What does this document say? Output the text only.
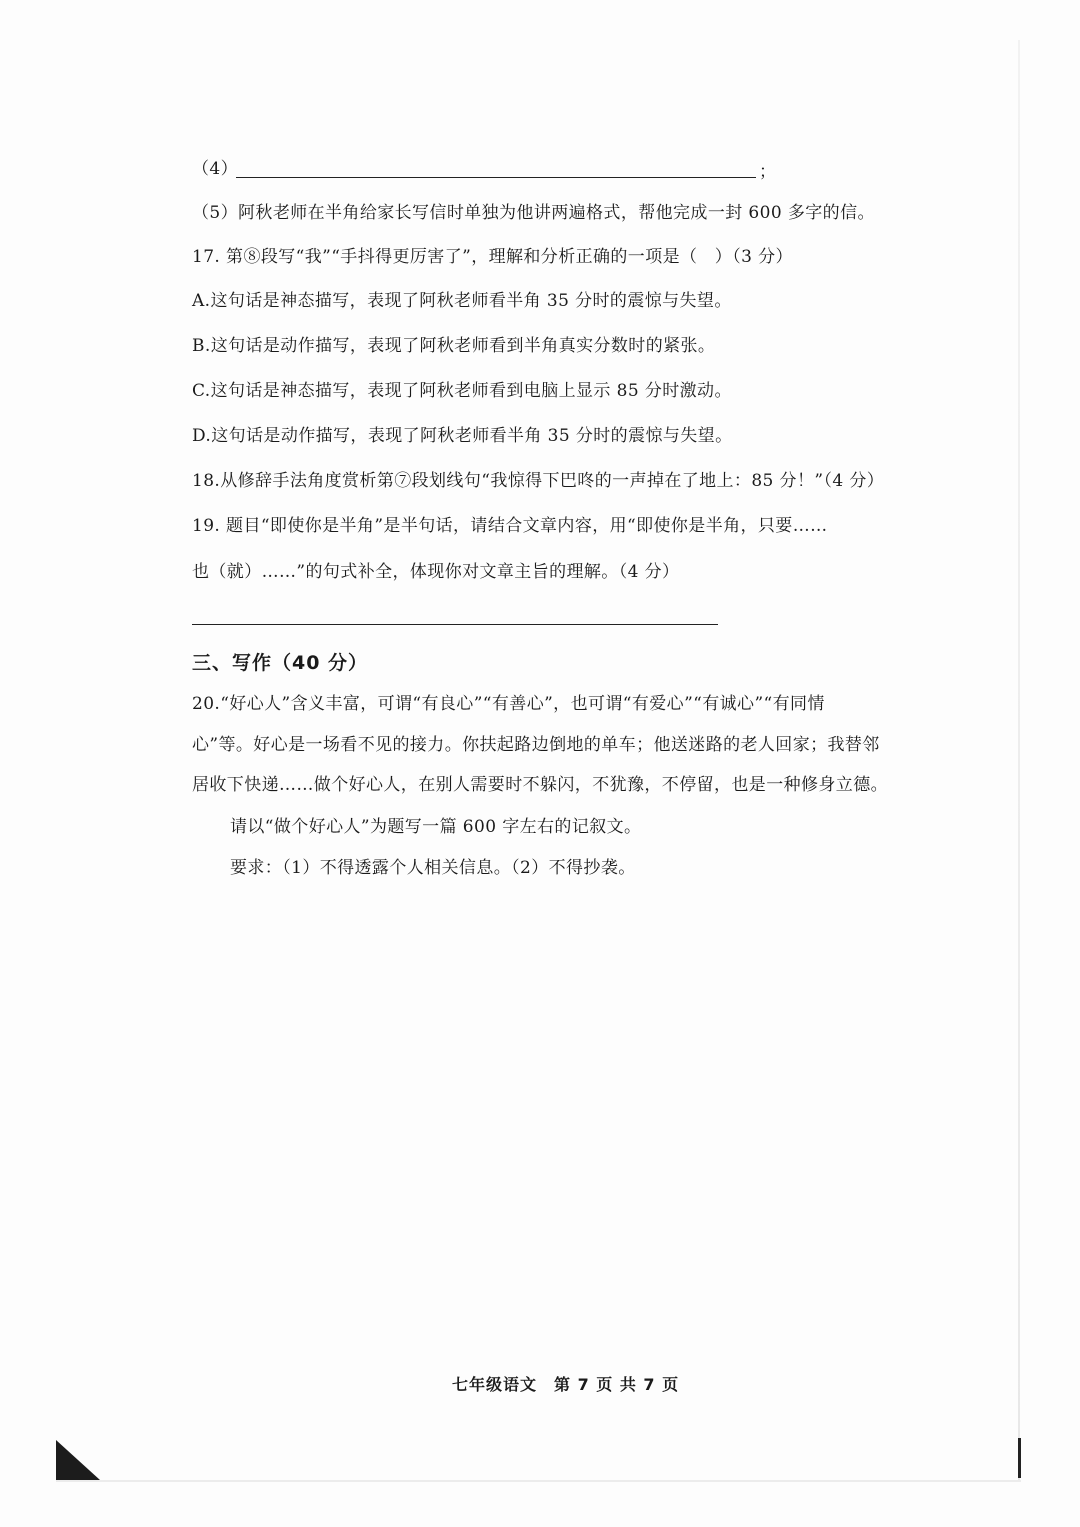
（4）	；
（5）阿秋老师在半角给家长写信时单独为他讲两遍格式，帮他完成一封 600 多字的信。
17. 第⑧段写“我”“手抖得更厉害了”，理解和分析正确的一项是（　）（3 分）
A.这句话是神态描写，表现了阿秋老师看半角 35 分时的震惊与失望。
B.这句话是动作描写，表现了阿秋老师看到半角真实分数时的紧张。
C.这句话是神态描写，表现了阿秋老师看到电脑上显示 85 分时激动。
D.这句话是动作描写，表现了阿秋老师看半角 35 分时的震惊与失望。
18.从修辞手法角度赏析第⑦段划线句“我惊得下巴咚的一声掉在了地上：85 分！”（4 分）
19. 题目“即使你是半角”是半句话，请结合文章内容，用“即使你是半角，只要……
也（就）……”的句式补全，体现你对文章主旨的理解。（4 分）
三、写作（40 分）
20.“好心人”含义丰富，可谓“有良心”“有善心”，也可谓“有爱心”“有诚心”“有同情
心”等。好心是一场看不见的接力。你扶起路边倒地的单车；他送迷路的老人回家；我替邻
居收下快递……做个好心人，在别人需要时不躲闪，不犹豫，不停留，也是一种修身立德。
请以“做个好心人”为题写一篇 600 字左右的记叙文。
要求：（1）不得透露个人相关信息。（2）不得抄袭。
七年级语文　第 7 页 共 7 页
